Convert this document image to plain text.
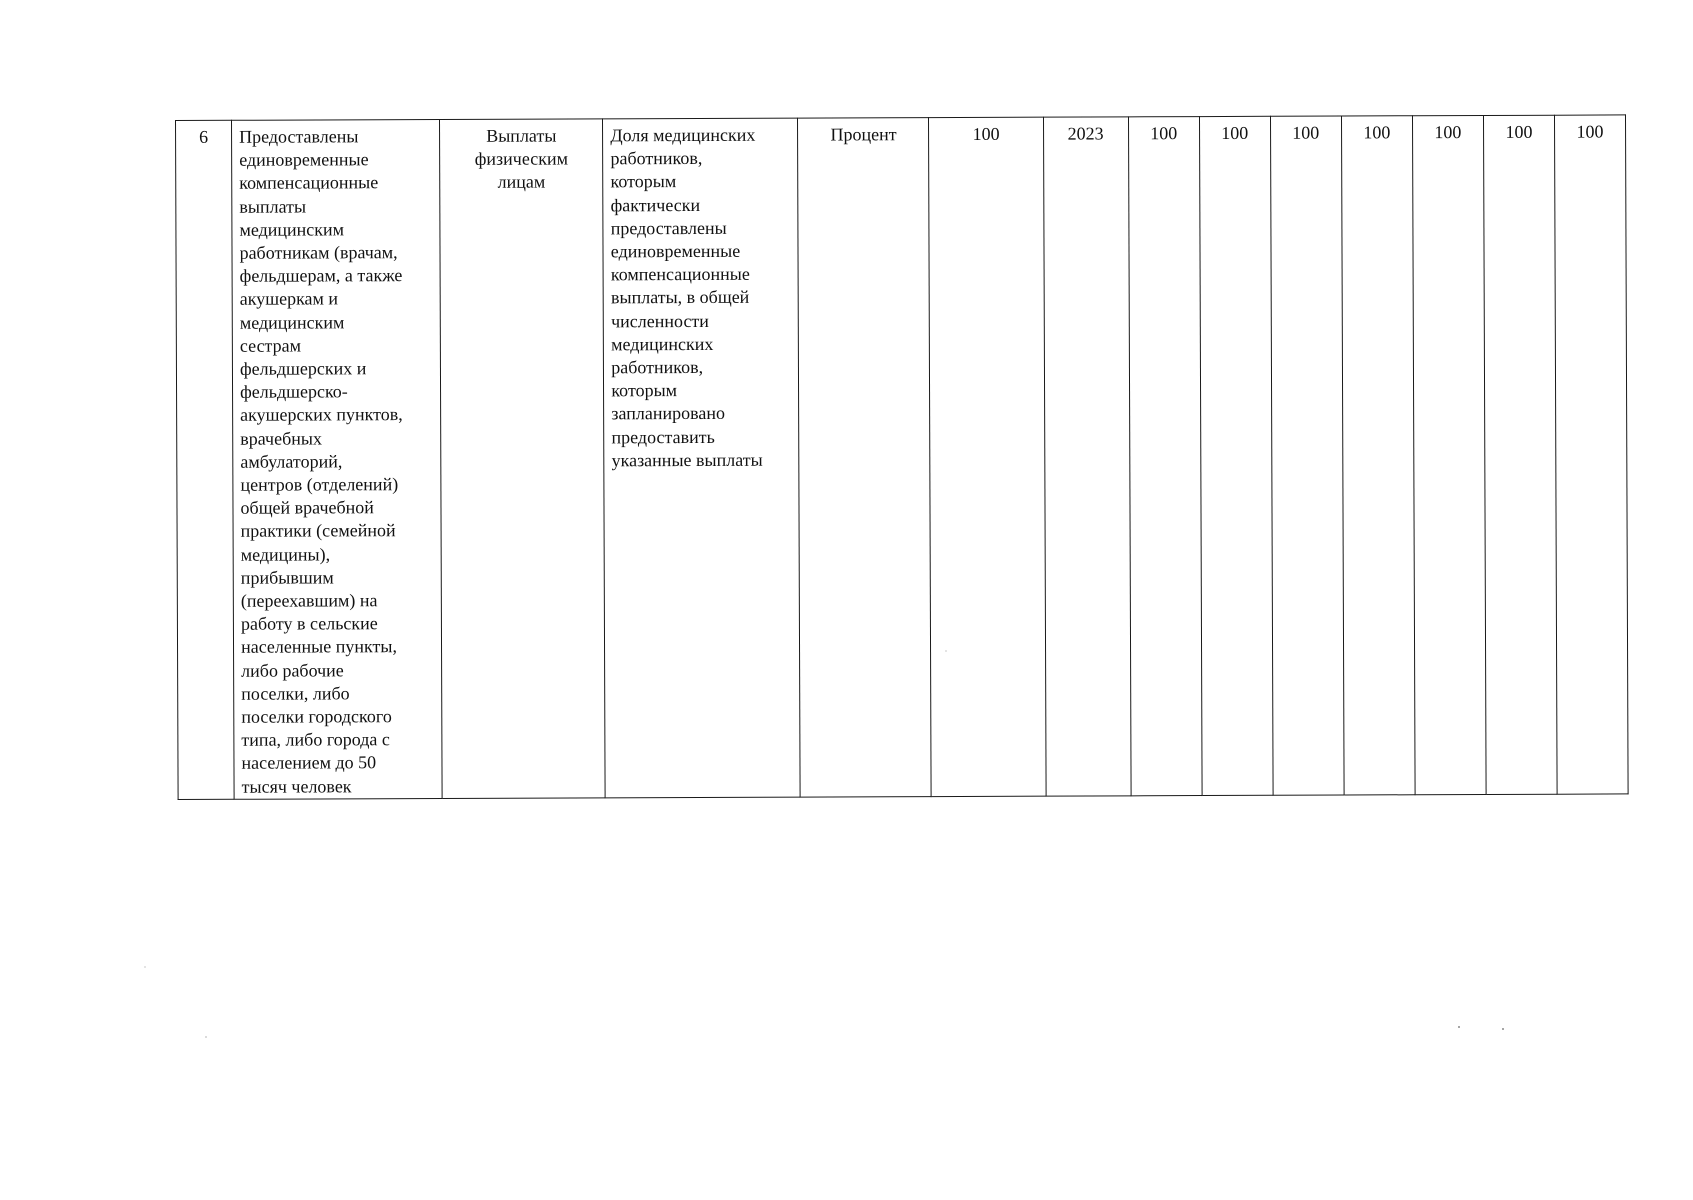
6	Предоставлены
единовременные
компенсационные
выплаты
медицинским
работникам (врачам,
фельдшерам, а также
акушеркам и
медицинским
сестрам
фельдшерских и
фельдшерско-
акушерских пунктов,
врачебных
амбулаторий,
центров (отделений)
общей врачебной
практики (семейной
медицины),
прибывшим
(переехавшим) на
работу в сельские
населенные пункты,
либо рабочие
поселки, либо
поселки городского
типа, либо города с
населением до 50
тысяч человек

Выплаты
физическим
лицам

Доля медицинских
работников,
которым
фактически
предоставлены
единовременные
компенсационные
выплаты, в общей
численности
медицинских
работников,
которым
запланировано
предоставить
указанные выплаты

Процент	100	2023	100	100	100	100	100	100	100
